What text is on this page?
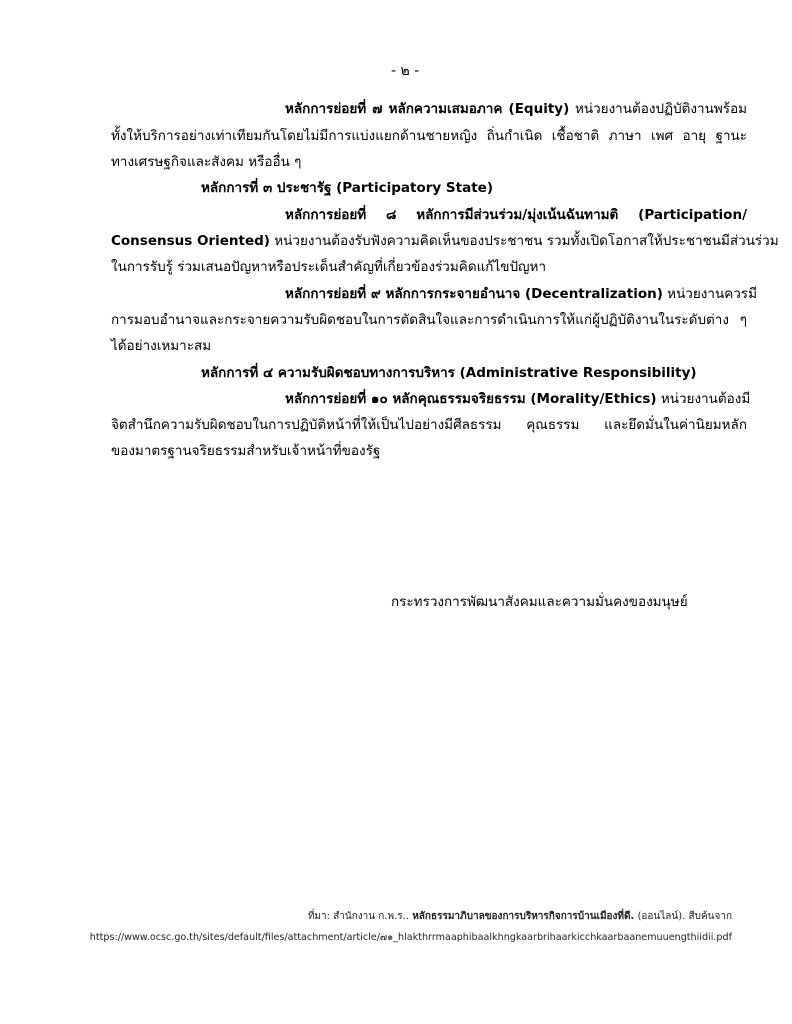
- ๒ -
หลักการย่อยที่ ๗ หลักความเสมอภาค (Equity) หน่วยงานต้องปฏิบัติงานพร้อม
ทั้งให้บริการอย่างเท่าเทียมกันโดยไม่มีการแบ่งแยกด้านชายหญิง ถิ่นกำเนิด เชื้อชาติ ภาษา เพศ อายุ ฐานะ
ทางเศรษฐกิจและสังคม หรืออื่น ๆ
หลักการที่ ๓ ประชารัฐ (Participatory State)
หลักการย่อยที่ ๘ หลักการมีส่วนร่วม/มุ่งเน้นฉันทามติ (Participation/
Consensus Oriented) หน่วยงานต้องรับฟังความคิดเห็นของประชาชน รวมทั้งเปิดโอกาสให้ประชาชนมีส่วนร่วม
ในการรับรู้ ร่วมเสนอปัญหาหรือประเด็นสำคัญที่เกี่ยวข้องร่วมคิดแก้ไขปัญหา
หลักการย่อยที่ ๙ หลักการกระจายอำนาจ (Decentralization) หน่วยงานควรมี
การมอบอำนาจและกระจายความรับผิดชอบในการตัดสินใจและการดำเนินการให้แก่ผู้ปฏิบัติงานในระดับต่าง ๆ
ได้อย่างเหมาะสม
หลักการที่ ๔ ความรับผิดชอบทางการบริหาร (Administrative Responsibility)
หลักการย่อยที่ ๑๐ หลักคุณธรรมจริยธรรม (Morality/Ethics) หน่วยงานต้องมี
จิตสำนึกความรับผิดชอบในการปฏิบัติหน้าที่ให้เป็นไปอย่างมีศีลธรรม คุณธรรม และยึดมั่นในค่านิยมหลัก
ของมาตรฐานจริยธรรมสำหรับเจ้าหน้าที่ของรัฐ
กระทรวงการพัฒนาสังคมและความมั่นคงของมนุษย์
ที่มา: สำนักงาน ก.พ.ร.. หลักธรรมาภิบาลของการบริหารกิจการบ้านเมืองที่ดี. (ออนไลน์). สืบค้นจาก
https://www.ocsc.go.th/sites/default/files/attachment/article/๗๑_hlakthrrmaaphibaalkhngkaarbrihaarkicchkaarbaanemuuengthiidii.pdf
